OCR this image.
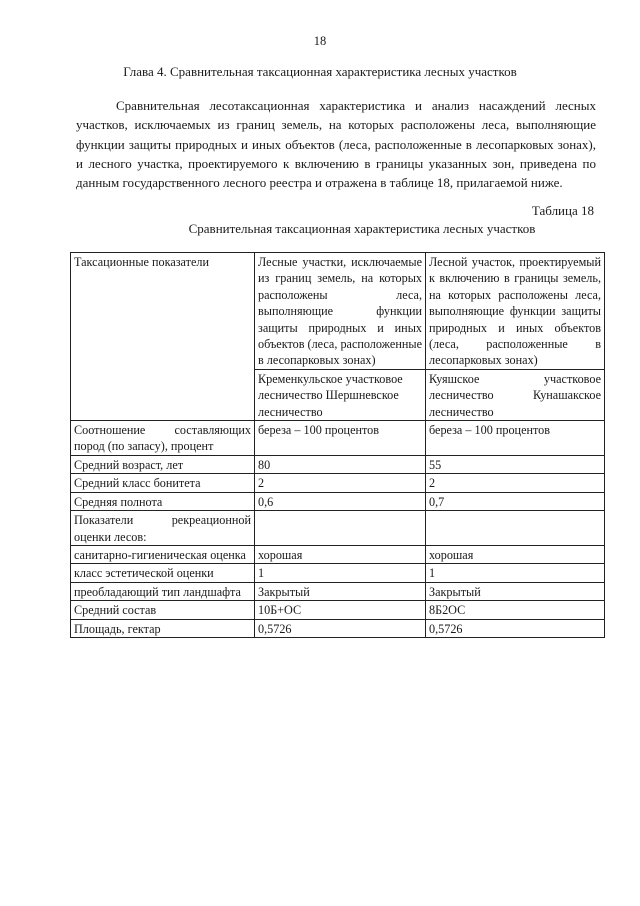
18
Глава 4. Сравнительная таксационная характеристика лесных участков

Сравнительная лесотаксационная характеристика и анализ насаждений лесных участков, исключаемых из границ земель, на которых расположены леса, выполняющие функции защиты природных и иных объектов (леса, расположенные в лесопарковых зонах), и лесного участка, проектируемого к включению в границы указанных зон, приведена по данным государственного лесного реестра и отражена в таблице 18, прилагаемой ниже.

Таблица 18
Сравнительная таксационная характеристика лесных участков
Таксационные показатели	Лесные участки, исключаемые из границ земель, на которых расположены леса, выполняющие функции защиты природных и иных объектов (леса, расположенные в лесопарковых зонах)	Лесной участок, проектируемый к включению в границы земель, на которых расположены леса, выполняющие функции защиты природных и иных объектов (леса, расположенные в лесопарковых зонах)
	Кременкульское участковое лесничество Шершневское лесничество	Куяшское участковое лесничество Кунашакское лесничество
Соотношение составляющих пород (по запасу), процент	береза – 100 процентов	береза – 100 процентов
Средний возраст, лет	80	55
Средний класс бонитета	2	2
Средняя полнота	0,6	0,7
Показатели рекреационной оценки лесов:		
санитарно-гигиеническая оценка	хорошая	хорошая
класс эстетической оценки	1	1
преобладающий тип ландшафта	Закрытый	Закрытый
Средний состав	10Б+ОС	8Б2ОС
Площадь, гектар	0,5726	0,5726
